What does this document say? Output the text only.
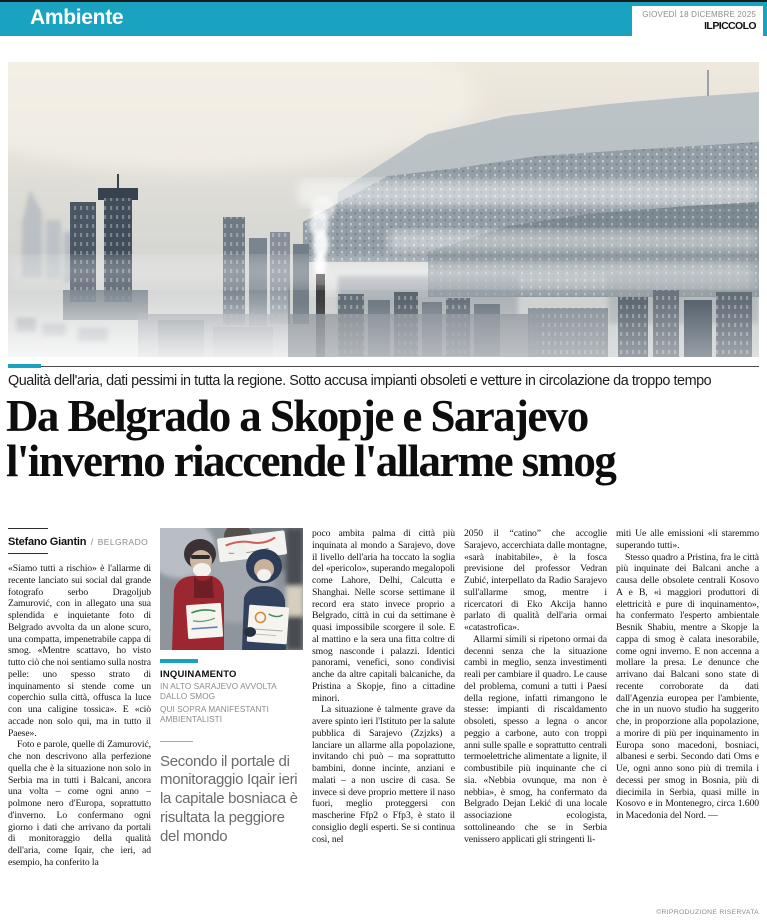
Ambiente	GIOVEDÌ 18 DICEMBRE 2025
IL PICCOLO
Qualità dell'aria, dati pessimi in tutta la regione. Sotto accusa impianti obsoleti e vetture in circolazione da troppo tempo
Da Belgrado a Skopje e Sarajevo
l'inverno riaccende l'allarme smog
Stefano Giantin / BELGRADO

«Siamo tutti a rischio» è l'allarme di recente lanciato sui social dal grande fotografo serbo Dragoljub Zamurović, con in allegato una sua splendida e inquietante foto di Belgrado avvolta da un alone scuro, una compatta, impenetrabile cappa di smog. «Mentre scattavo, ho visto tutto ciò che noi sentiamo sulla nostra pelle: uno spesso strato di inquinamento si stende come un coperchio sulla città, offusca la luce con una caligine tossica». E «ciò accade non solo qui, ma in tutto il Paese».

Foto e parole, quelle di Zamurović, che non descrivono alla perfezione quella che è la situazione non solo in Serbia ma in tutti i Balcani, ancora una volta – come ogni anno – polmone nero d'Europa, soprattutto d'inverno. Lo confermano ogni giorno i dati che arrivano da portali di monitoraggio della qualità dell'aria, come Iqair, che ieri, ad esempio, ha conferito la

INQUINAMENTO
IN ALTO SARAJEVO AVVOLTA DALLO SMOG
QUI SOPRA MANIFESTANTI AMBIENTALISTI
Secondo il portale di monitoraggio Iqair ieri la capitale bosniaca è risultata la peggiore del mondo

poco ambita palma di città più inquinata al mondo a Sarajevo, dove il livello dell'aria ha toccato la soglia del «pericolo», superando megalopoli come Lahore, Delhi, Calcutta e Shanghai. Nelle scorse settimane il record era stato invece proprio a Belgrado, città in cui da settimane è quasi impossibile scorgere il sole. E al mattino e la sera una fitta coltre di smog nasconde i palazzi. Identici panorami, venefici, sono condivisi anche da altre capitali balcaniche, da Pristina a Skopje, fino a cittadine minori.

La situazione è talmente grave da avere spinto ieri l'Istituto per la salute pubblica di Sarajevo (Zzjzks) a lanciare un allarme alla popolazione, invitando chi può – ma soprattutto bambini, donne incinte, anziani e malati – a non uscire di casa. Se invece si deve proprio mettere il naso fuori, meglio proteggersi con mascherine Ffp2 o Ffp3, è stato il consiglio degli esperti. Se si continua così, nel

2050 il “catino” che accoglie Sarajevo, accerchiata dalle montagne, «sarà inabitabile», è la fosca previsione del professor Vedran Zubić, interpellato da Radio Sarajevo sull'allarme smog, mentre i ricercatori di Eko Akcija hanno parlato di qualità dell'aria ormai «catastrofica».

Allarmi simili si ripetono ormai da decenni senza che la situazione cambi in meglio, senza investimenti reali per cambiare il quadro. Le cause del problema, comuni a tutti i Paesi della regione, infatti rimangono le stesse: impianti di riscaldamento obsoleti, spesso a legna o ancor peggio a carbone, auto con troppi anni sulle spalle e soprattutto centrali termoelettriche alimentate a lignite, il combustibile più inquinante che ci sia. «Nebbia ovunque, ma non è nebbia», è smog, ha confermato da Belgrado Dejan Lekić di una locale associazione ecologista, sottolineando che se in Serbia venissero applicati gli stringenti li-

miti Ue alle emissioni «li staremmo superando tutti».

Stesso quadro a Pristina, fra le città più inquinate dei Balcani anche a causa delle obsolete centrali Kosovo A e B, «i maggiori produttori di elettricità e pure di inquinamento», ha confermato l'esperto ambientale Besnik Shabiu, mentre a Skopje la cappa di smog è calata inesorabile, come ogni inverno. E non accenna a mollare la presa. Le denunce che arrivano dai Balcani sono state di recente corroborate da dati dall'Agenzia europea per l'ambiente, che in un nuovo studio ha suggerito che, in proporzione alla popolazione, a morire di più per inquinamento in Europa sono macedoni, bosniaci, albanesi e serbi. Secondo dati Oms e Ue, ogni anno sono più di tremila i decessi per smog in Bosnia, più di diecimila in Serbia, quasi mille in Kosovo e in Montenegro, circa 1.600 in Macedonia del Nord. —

©RIPRODUZIONE RISERVATA
